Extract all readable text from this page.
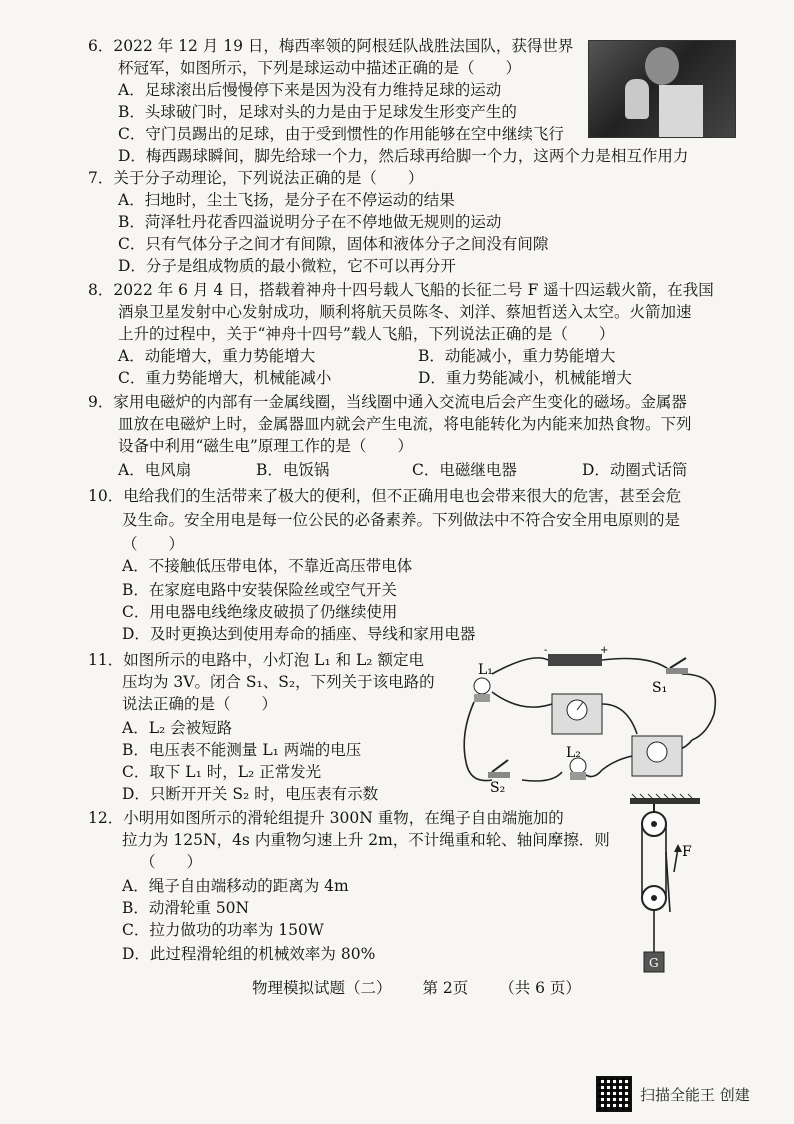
6．2022 年 12 月 19 日，梅西率领的阿根廷队战胜法国队，获得世界
杯冠军，如图所示，下列是球运动中描述正确的是（　　）
A．足球滚出后慢慢停下来是因为没有力维持足球的运动
B．头球破门时，足球对头的力是由于足球发生形变产生的
C．守门员踢出的足球，由于受到惯性的作用能够在空中继续飞行
D．梅西踢球瞬间，脚先给球一个力，然后球再给脚一个力，这两个力是相互作用力
7．关于分子动理论，下列说法正确的是（　　）
A．扫地时，尘土飞扬，是分子在不停运动的结果
B．菏泽牡丹花香四溢说明分子在不停地做无规则的运动
C．只有气体分子之间才有间隙，固体和液体分子之间没有间隙
D．分子是组成物质的最小微粒，它不可以再分开
8．2022 年 6 月 4 日，搭载着神舟十四号载人飞船的长征二号 F 遥十四运载火箭，在我国
酒泉卫星发射中心发射成功，顺利将航天员陈冬、刘洋、蔡旭哲送入太空。火箭加速
上升的过程中，关于“神舟十四号”载人飞船，下列说法正确的是（　　）
A．动能增大，重力势能增大	B．动能减小，重力势能增大
C．重力势能增大，机械能减小	D．重力势能减小，机械能增大
9．家用电磁炉的内部有一金属线圈，当线圈中通入交流电后会产生变化的磁场。金属器
皿放在电磁炉上时，金属器皿内就会产生电流，将电能转化为内能来加热食物。下列
设备中利用“磁生电”原理工作的是（　　）
A．电风扇	B．电饭锅	C．电磁继电器	D．动圈式话筒
10．电给我们的生活带来了极大的便利，但不正确用电也会带来很大的危害，甚至会危
及生命。安全用电是每一位公民的必备素养。下列做法中不符合安全用电原则的是
（　　）
A．不接触低压带电体，不靠近高压带电体
B．在家庭电路中安装保险丝或空气开关
C．用电器电线绝缘皮破损了仍继续使用
D．及时更换达到使用寿命的插座、导线和家用电器
11．如图所示的电路中，小灯泡 L₁ 和 L₂ 额定电
压均为 3V。闭合 S₁、S₂，下列关于该电路的
说法正确的是（　　）
A．L₂ 会被短路
B．电压表不能测量 L₁ 两端的电压
C．取下 L₁ 时，L₂ 正常发光
D．只断开开关 S₂ 时，电压表有示数
+
-
L₁
L₂
S₁
S₂
12．小明用如图所示的滑轮组提升 300N 重物，在绳子自由端施加的
拉力为 125N，4s 内重物匀速上升 2m，不计绳重和轮、轴间摩擦．则
（　　）
A．绳子自由端移动的距离为 4m
B．动滑轮重 50N
C．拉力做功的功率为 150W
D．此过程滑轮组的机械效率为 80%
F
G
物理模拟试题（二） 第 2页 （共 6 页）
扫描全能王 创建
